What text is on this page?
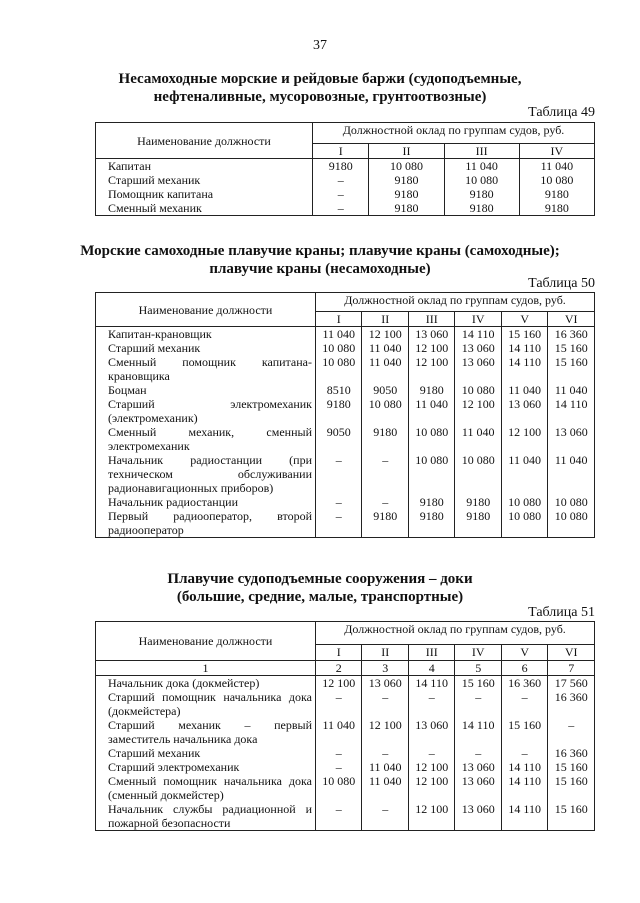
37
Несамоходные морские и рейдовые баржи (судоподъемные,
нефтеналивные, мусоровозные, грунтоотвозные)
Таблица 49
Наименование должности	Должностной оклад по группам судов, руб.			
	I	II	III	IV
Капитан	9180	10 080	11 040	11 040
Старший механик	–	9180	10 080	10 080
Помощник капитана	–	9180	9180	9180
Сменный механик	–	9180	9180	9180
Морские самоходные плавучие краны; плавучие краны (самоходные);
плавучие краны (несамоходные)
Таблица 50
Наименование должности	Должностной оклад по группам судов, руб.					
	I	II	III	IV	V	VI
Капитан-крановщик	11 040	12 100	13 060	14 110	15 160	16 360
Старший механик	10 080	11 040	12 100	13 060	14 110	15 160
Сменный помощник капитана-крановщика	10 080	11 040	12 100	13 060	14 110	15 160
Боцман	8510	9050	9180	10 080	11 040	11 040
Старший электромеханик (электромеханик)	9180	10 080	11 040	12 100	13 060	14 110
Сменный механик, сменный электромеханик	9050	9180	10 080	11 040	12 100	13 060
Начальник радиостанции (при техническом обслуживании радионавигационных приборов)	–	–	10 080	10 080	11 040	11 040
Начальник радиостанции	–	–	9180	9180	10 080	10 080
Первый радиооператор, второй радиооператор	–	9180	9180	9180	10 080	10 080
Плавучие судоподъемные сооружения – доки
(большие, средние, малые, транспортные)
Таблица 51
Наименование должности	Должностной оклад по группам судов, руб.					
	I	II	III	IV	V	VI
1	2	3	4	5	6	7
Начальник дока (докмейстер)	12 100	13 060	14 110	15 160	16 360	17 560
Старший помощник начальника дока (докмейстера)	–	–	–	–	–	16 360
Старший механик – первый заместитель начальника дока	11 040	12 100	13 060	14 110	15 160	–
Старший механик	–	–	–	–	–	16 360
Старший электромеханик	–	11 040	12 100	13 060	14 110	15 160
Сменный помощник начальника дока (сменный докмейстер)	10 080	11 040	12 100	13 060	14 110	15 160
Начальник службы радиационной и пожарной безопасности	–	–	12 100	13 060	14 110	15 160
